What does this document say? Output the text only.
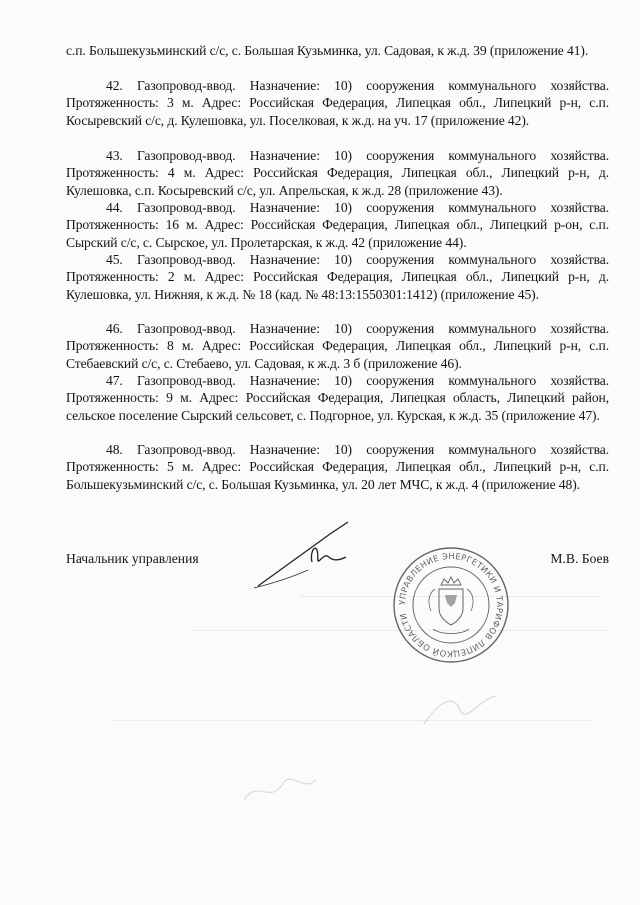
с.п. Большекузьминский с/с, с. Большая Кузьминка, ул. Садовая, к ж.д. 39 (приложение 41).

42. Газопровод-ввод. Назначение: 10) сооружения коммунального хозяйства. Протяженность: 3 м. Адрес: Российская Федерация, Липецкая обл., Липецкий р-н, с.п. Косыревский с/с, д. Кулешовка, ул. Поселковая, к ж.д. на уч. 17 (приложение 42).

43. Газопровод-ввод. Назначение: 10) сооружения коммунального хозяйства. Протяженность: 4 м. Адрес: Российская Федерация, Липецкая обл., Липецкий р-н, д. Кулешовка, с.п. Косыревский с/с, ул. Апрельская, к ж.д. 28 (приложение 43).

44. Газопровод-ввод. Назначение: 10) сооружения коммунального хозяйства. Протяженность: 16 м. Адрес: Российская Федерация, Липецкая обл., Липецкий р-он, с.п. Сырский с/с, с. Сырское, ул. Пролетарская, к ж.д. 42 (приложение 44).

45. Газопровод-ввод. Назначение: 10) сооружения коммунального хозяйства. Протяженность: 2 м. Адрес: Российская Федерация, Липецкая обл., Липецкий р-н, д. Кулешовка, ул. Нижняя, к ж.д. № 18 (кад. № 48:13:1550301:1412) (приложение 45).

46. Газопровод-ввод. Назначение: 10) сооружения коммунального хозяйства. Протяженность: 8 м. Адрес: Российская Федерация, Липецкая обл., Липецкий р-н, с.п. Стебаевский с/с, с. Стебаево, ул. Садовая, к ж.д. 3 б (приложение 46).

47. Газопровод-ввод. Назначение: 10) сооружения коммунального хозяйства. Протяженность: 9 м. Адрес: Российская Федерация, Липецкая область, Липецкий район, сельское поселение Сырский сельсовет, с. Подгорное, ул. Курская, к ж.д. 35 (приложение 47).

48. Газопровод-ввод. Назначение: 10) сооружения коммунального хозяйства. Протяженность: 5 м. Адрес: Российская Федерация, Липецкая обл., Липецкий р-н, с.п. Большекузьминский с/с, с. Большая Кузьминка, ул. 20 лет МЧС, к ж.д. 4 (приложение 48).

УПРАВЛЕНИЕ ЭНЕРГЕТИКИ И ТАРИФОВ ЛИПЕЦКОЙ ОБЛАСТИ
Начальник управления	М.В. Боев
